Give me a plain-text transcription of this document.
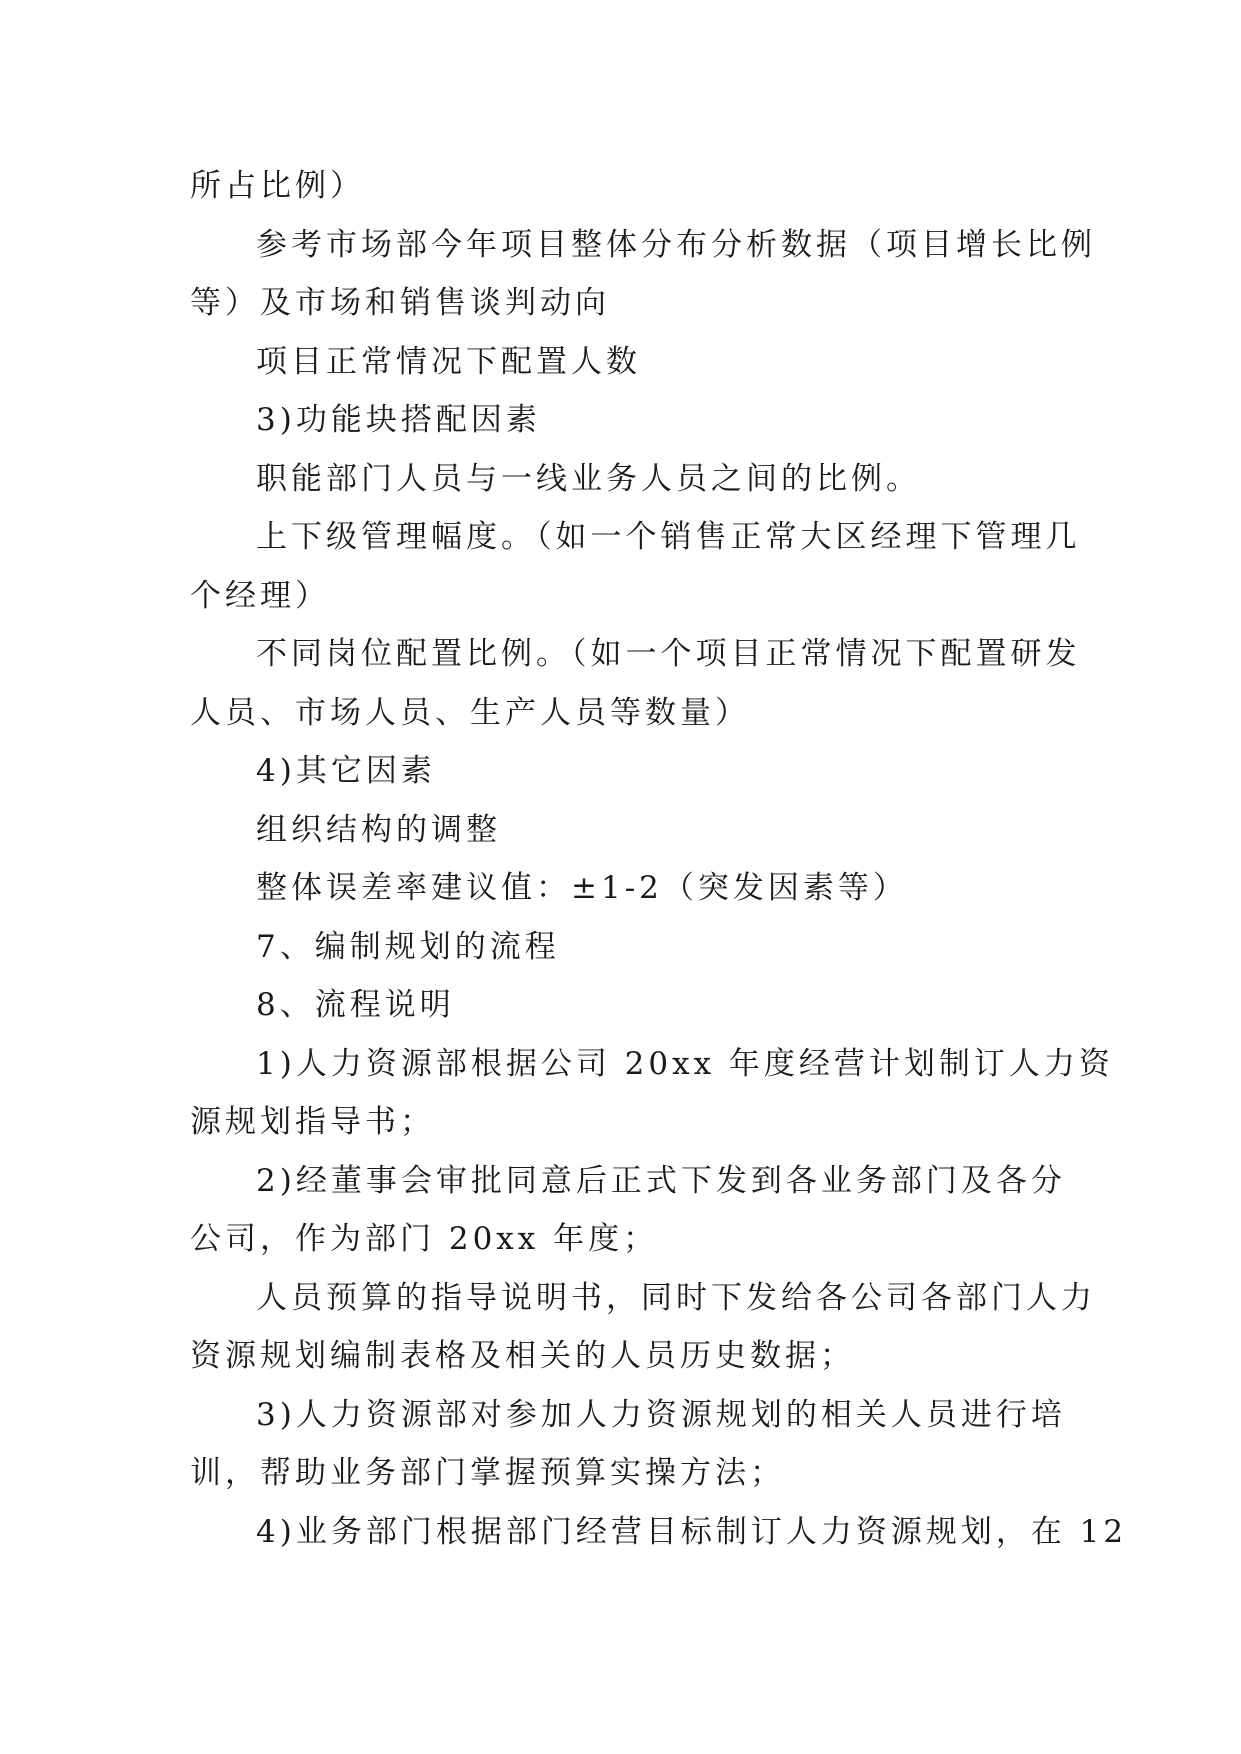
所占比例）
参考市场部今年项目整体分布分析数据（项目增长比例
等）及市场和销售谈判动向
项目正常情况下配置人数
3)功能块搭配因素
职能部门人员与一线业务人员之间的比例。
上下级管理幅度。（如一个销售正常大区经理下管理几
个经理）
不同岗位配置比例。（如一个项目正常情况下配置研发
人员、市场人员、生产人员等数量）
4)其它因素
组织结构的调整
整体误差率建议值：±1-2（突发因素等）
7、编制规划的流程
8、流程说明
1)人力资源部根据公司 20xx 年度经营计划制订人力资
源规划指导书；
2)经董事会审批同意后正式下发到各业务部门及各分
公司，作为部门 20xx 年度；
人员预算的指导说明书，同时下发给各公司各部门人力
资源规划编制表格及相关的人员历史数据；
3)人力资源部对参加人力资源规划的相关人员进行培
训，帮助业务部门掌握预算实操方法；
4)业务部门根据部门经营目标制订人力资源规划，在 12
